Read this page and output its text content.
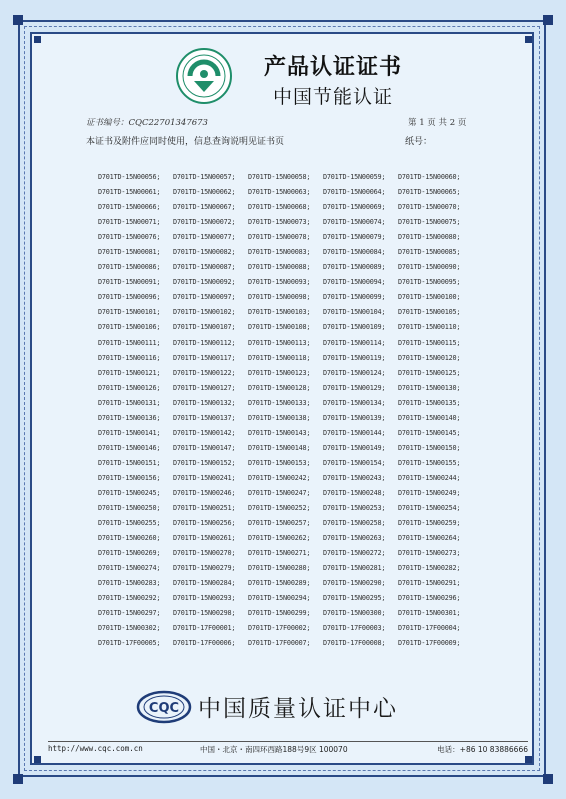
产品认证证书
中国节能认证
证书编号：CQC22701347673	第 1 页 共 2 页
本证书及附件应同时使用，信息查询说明见证书页	纸号：
D701TD-15N00056; D701TD-15N00057; D701TD-15N00058; D701TD-15N00059; D701TD-15N00060;
D701TD-15N00061; D701TD-15N00062; D701TD-15N00063; D701TD-15N00064; D701TD-15N00065;
D701TD-15N00066; D701TD-15N00067; D701TD-15N00068; D701TD-15N00069; D701TD-15N00070;
D701TD-15N00071; D701TD-15N00072; D701TD-15N00073; D701TD-15N00074; D701TD-15N00075;
D701TD-15N00076; D701TD-15N00077; D701TD-15N00078; D701TD-15N00079; D701TD-15N00080;
D701TD-15N00081; D701TD-15N00082; D701TD-15N00083; D701TD-15N00084; D701TD-15N00085;
D701TD-15N00086; D701TD-15N00087; D701TD-15N00088; D701TD-15N00089; D701TD-15N00090;
D701TD-15N00091; D701TD-15N00092; D701TD-15N00093; D701TD-15N00094; D701TD-15N00095;
D701TD-15N00096; D701TD-15N00097; D701TD-15N00098; D701TD-15N00099; D701TD-15N00100;
D701TD-15N00101; D701TD-15N00102; D701TD-15N00103; D701TD-15N00104; D701TD-15N00105;
D701TD-15N00106; D701TD-15N00107; D701TD-15N00108; D701TD-15N00109; D701TD-15N00110;
D701TD-15N00111; D701TD-15N00112; D701TD-15N00113; D701TD-15N00114; D701TD-15N00115;
D701TD-15N00116; D701TD-15N00117; D701TD-15N00118; D701TD-15N00119; D701TD-15N00120;
D701TD-15N00121; D701TD-15N00122; D701TD-15N00123; D701TD-15N00124; D701TD-15N00125;
D701TD-15N00126; D701TD-15N00127; D701TD-15N00128; D701TD-15N00129; D701TD-15N00130;
D701TD-15N00131; D701TD-15N00132; D701TD-15N00133; D701TD-15N00134; D701TD-15N00135;
D701TD-15N00136; D701TD-15N00137; D701TD-15N00138; D701TD-15N00139; D701TD-15N00140;
D701TD-15N00141; D701TD-15N00142; D701TD-15N00143; D701TD-15N00144; D701TD-15N00145;
D701TD-15N00146; D701TD-15N00147; D701TD-15N00148; D701TD-15N00149; D701TD-15N00150;
D701TD-15N00151; D701TD-15N00152; D701TD-15N00153; D701TD-15N00154; D701TD-15N00155;
D701TD-15N00156; D701TD-15N00241; D701TD-15N00242; D701TD-15N00243; D701TD-15N00244;
D701TD-15N00245; D701TD-15N00246; D701TD-15N00247; D701TD-15N00248; D701TD-15N00249;
D701TD-15N00250; D701TD-15N00251; D701TD-15N00252; D701TD-15N00253; D701TD-15N00254;
D701TD-15N00255; D701TD-15N00256; D701TD-15N00257; D701TD-15N00258; D701TD-15N00259;
D701TD-15N00260; D701TD-15N00261; D701TD-15N00262; D701TD-15N00263; D701TD-15N00264;
D701TD-15N00269; D701TD-15N00270; D701TD-15N00271; D701TD-15N00272; D701TD-15N00273;
D701TD-15N00274; D701TD-15N00279; D701TD-15N00280; D701TD-15N00281; D701TD-15N00282;
D701TD-15N00283; D701TD-15N00284; D701TD-15N00289; D701TD-15N00290; D701TD-15N00291;
D701TD-15N00292; D701TD-15N00293; D701TD-15N00294; D701TD-15N00295; D701TD-15N00296;
D701TD-15N00297; D701TD-15N00298; D701TD-15N00299; D701TD-15N00300; D701TD-15N00301;
D701TD-15N00302; D701TD-17F00001; D701TD-17F00002; D701TD-17F00003; D701TD-17F00004;
D701TD-17F00005; D701TD-17F00006; D701TD-17F00007; D701TD-17F00008; D701TD-17F00009;
CQC 中国质量认证中心
http://www.cqc.com.cn	中国・北京・南四环西路188号9区 100070	电话：+86 10 83886666
